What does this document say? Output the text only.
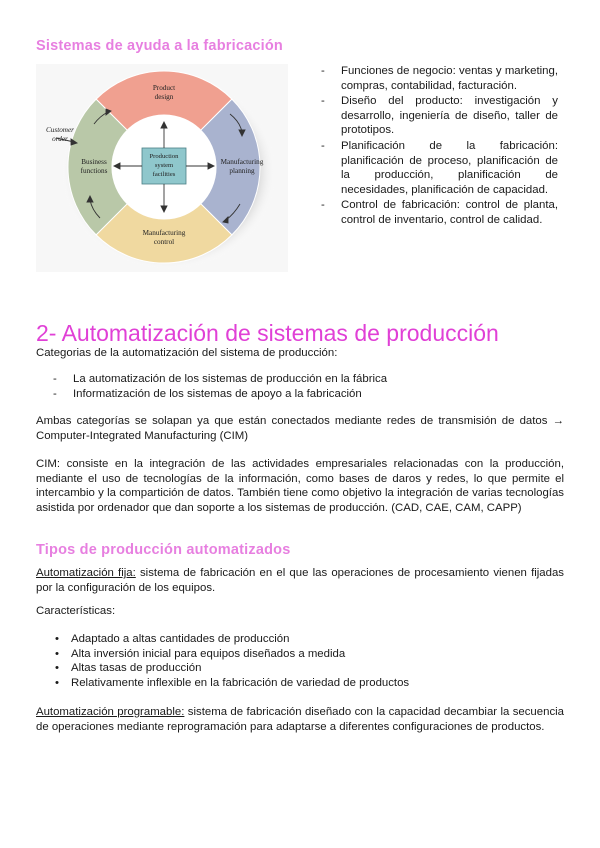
Sistemas de ayuda a la fabricación
Product
design
Manufacturing
planning
Manufacturing
control
Business
functions
Production
system
facilities
Customer
order
- Funciones de negocio: ventas y marketing, compras, contabilidad, facturación.
- Diseño del producto: investigación y desarrollo, ingeniería de diseño, taller de prototipos.
- Planificación de la fabricación: planificación de proceso, planificación de la producción, planificación de necesidades, planificación de capacidad.
- Control de fabricación: control de planta, control de inventario, control de calidad.
2- Automatización de sistemas de producción
Categorias de la automatización del sistema de producción:
- La automatización de los sistemas de producción en la fábrica
- Informatización de los sistemas de apoyo a la fabricación

Ambas categorías se solapan ya que están conectados mediante redes de transmisión de datos → Computer-Integrated Manufacturing (CIM)

CIM: consiste en la integración de las actividades empresariales relacionadas con la producción, mediante el uso de tecnologías de la información, como bases de daros y redes, lo que permite el intercambio y la compartición de datos. También tiene como objetivo la integración de varias tecnologías asistida por ordenador que dan soporte a los sistemas de producción. (CAD, CAE, CAM, CAPP)

Tipos de producción automatizados

Automatización fija: sistema de fabricación en el que las operaciones de procesamiento vienen fijadas por la configuración de los equipos.

Características:
• Adaptado a altas cantidades de producción
• Alta inversión inicial para equipos diseñados a medida
• Altas tasas de producción
• Relativamente inflexible en la fabricación de variedad de productos

Automatización programable: sistema de fabricación diseñado con la capacidad decambiar la secuencia de operaciones mediante reprogramación para adaptarse a diferentes configuraciones de productos.
